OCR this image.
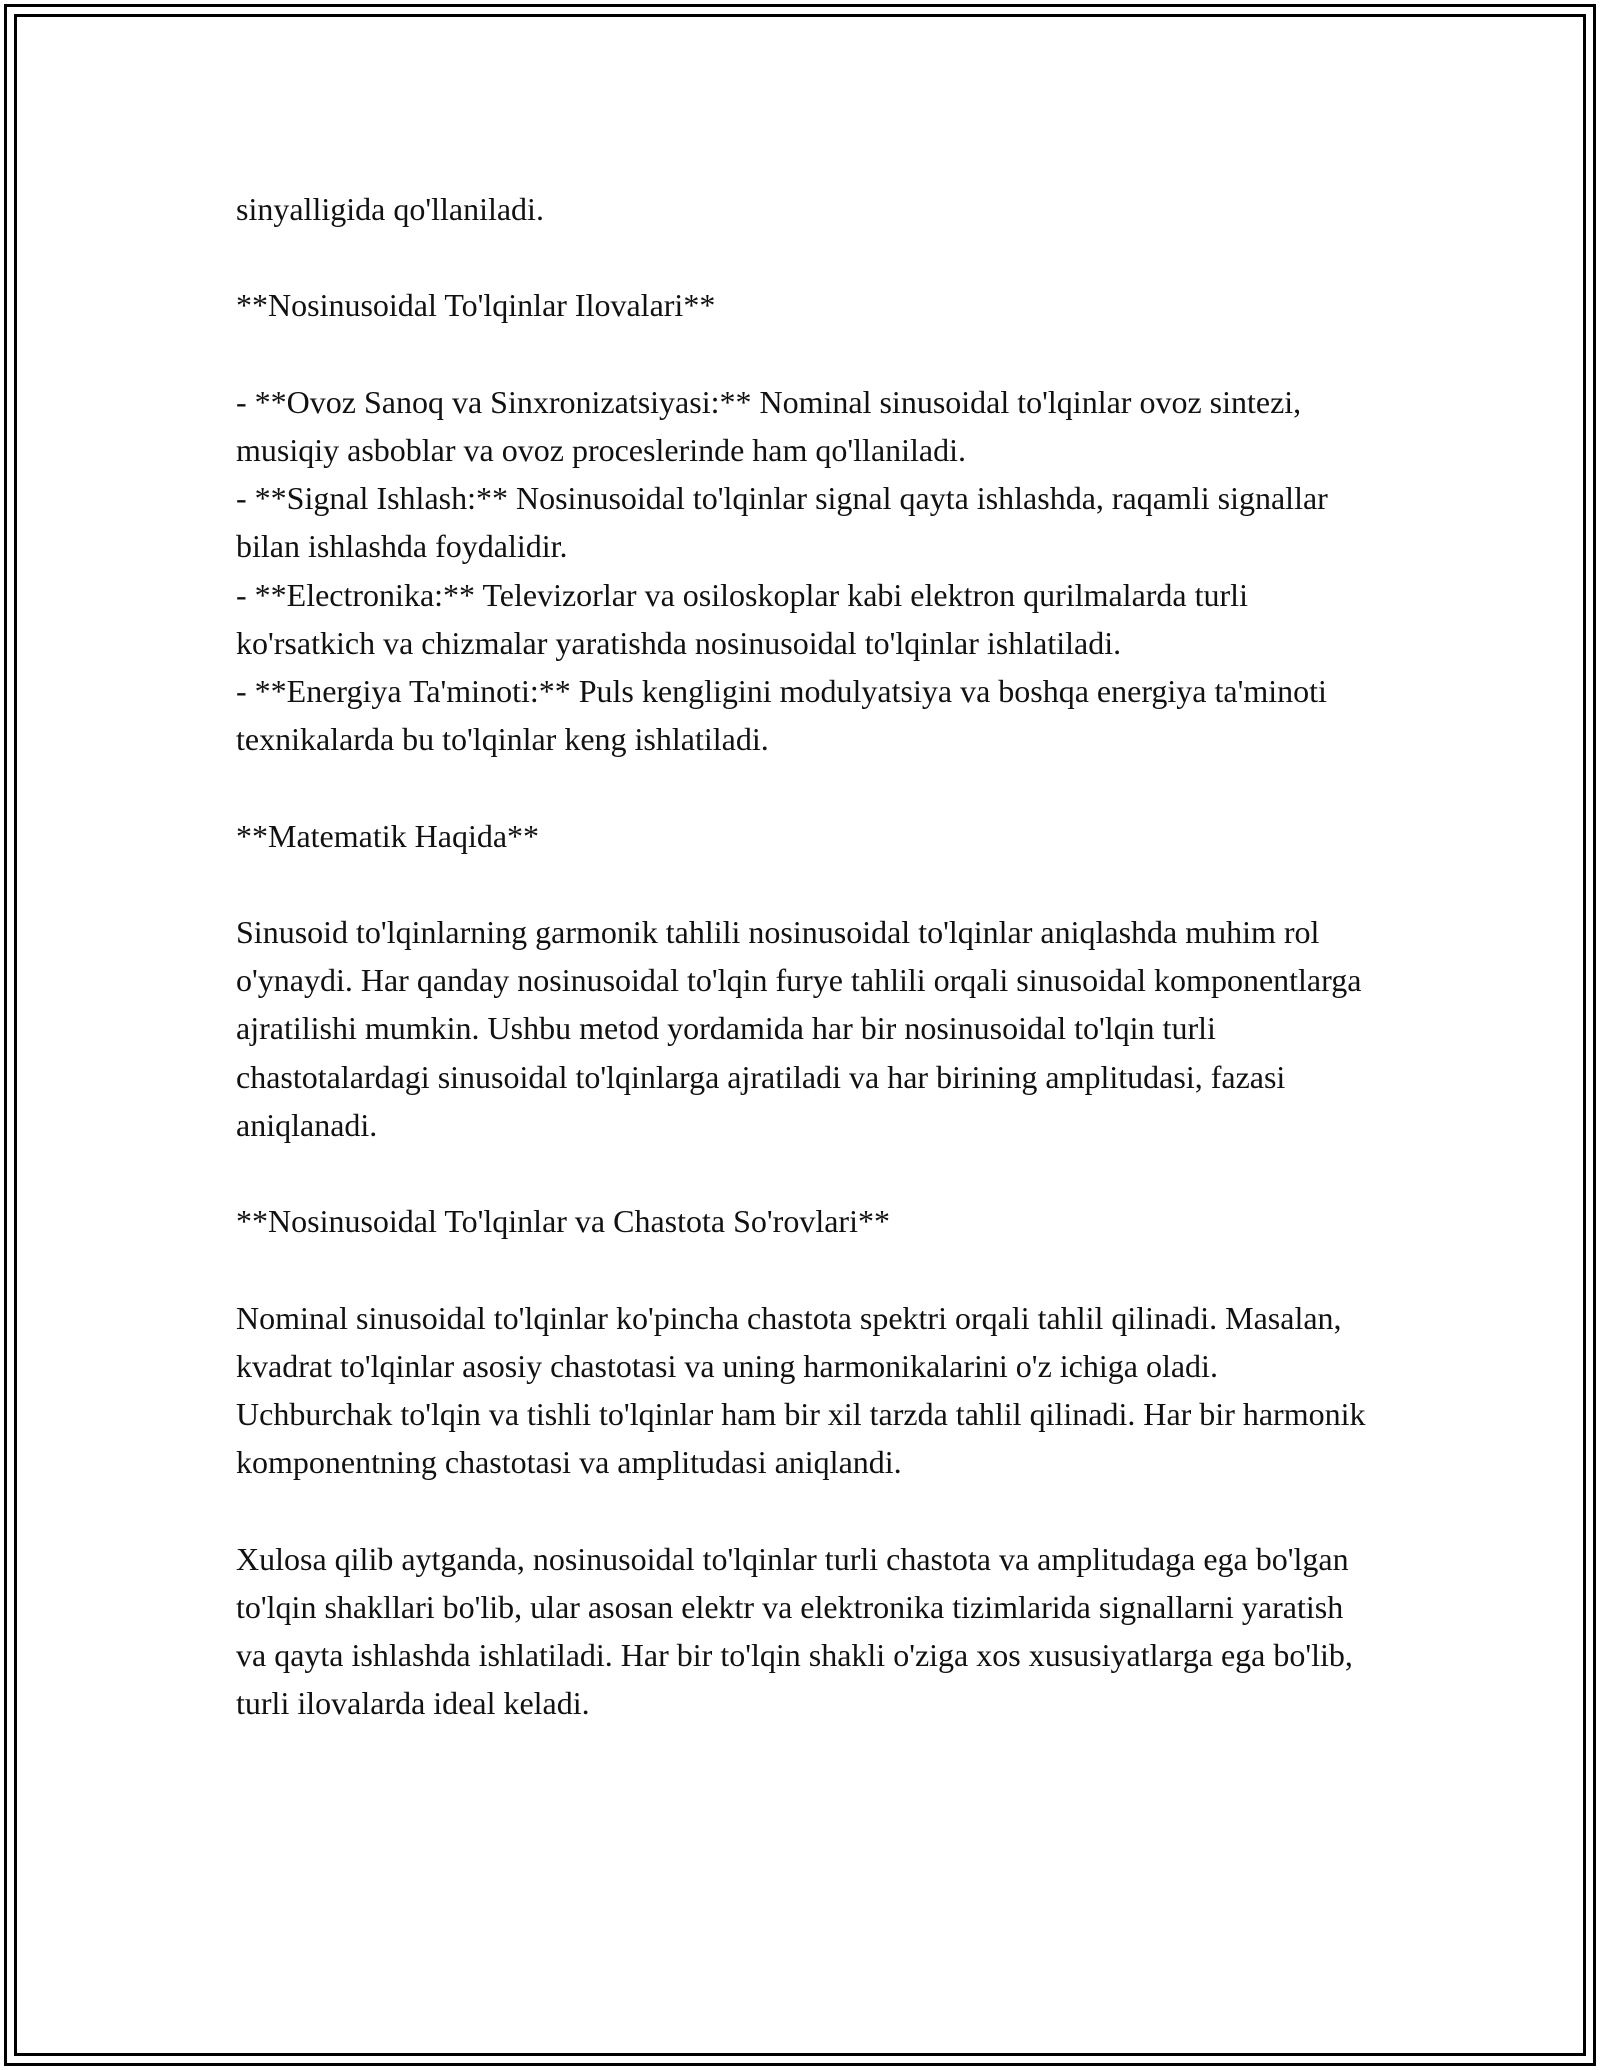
sinyalligida qo'llaniladi.

**Nosinusoidal To'lqinlar Ilovalari**

- **Ovoz Sanoq va Sinxronizatsiyasi:** Nominal sinusoidal to'lqinlar ovoz sintezi, musiqiy asboblar va ovoz proceslerinde ham qo'llaniladi.
- **Signal Ishlash:** Nosinusoidal to'lqinlar signal qayta ishlashda, raqamli signallar bilan ishlashda foydalidir.
- **Electronika:** Televizorlar va osiloskoplar kabi elektron qurilmalarda turli ko'rsatkich va chizmalar yaratishda nosinusoidal to'lqinlar ishlatiladi.
- **Energiya Ta'minoti:** Puls kengligini modulyatsiya va boshqa energiya ta'minoti texnikalarda bu to'lqinlar keng ishlatiladi.

**Matematik Haqida**

Sinusoid to'lqinlarning garmonik tahlili nosinusoidal to'lqinlar aniqlashda muhim rol o'ynaydi. Har qanday nosinusoidal to'lqin furye tahlili orqali sinusoidal komponentlarga ajratilishi mumkin. Ushbu metod yordamida har bir nosinusoidal to'lqin turli chastotalardagi sinusoidal to'lqinlarga ajratiladi va har birining amplitudasi, fazasi aniqlanadi.

**Nosinusoidal To'lqinlar va Chastota So'rovlari**

Nominal sinusoidal to'lqinlar ko'pincha chastota spektri orqali tahlil qilinadi. Masalan, kvadrat to'lqinlar asosiy chastotasi va uning harmonikalarini o'z ichiga oladi. Uchburchak to'lqin va tishli to'lqinlar ham bir xil tarzda tahlil qilinadi. Har bir harmonik komponentning chastotasi va amplitudasi aniqlandi.

Xulosa qilib aytganda, nosinusoidal to'lqinlar turli chastota va amplitudaga ega bo'lgan to'lqin shakllari bo'lib, ular asosan elektr va elektronika tizimlarida signallarni yaratish va qayta ishlashda ishlatiladi. Har bir to'lqin shakli o'ziga xos xususiyatlarga ega bo'lib, turli ilovalarda ideal keladi.
